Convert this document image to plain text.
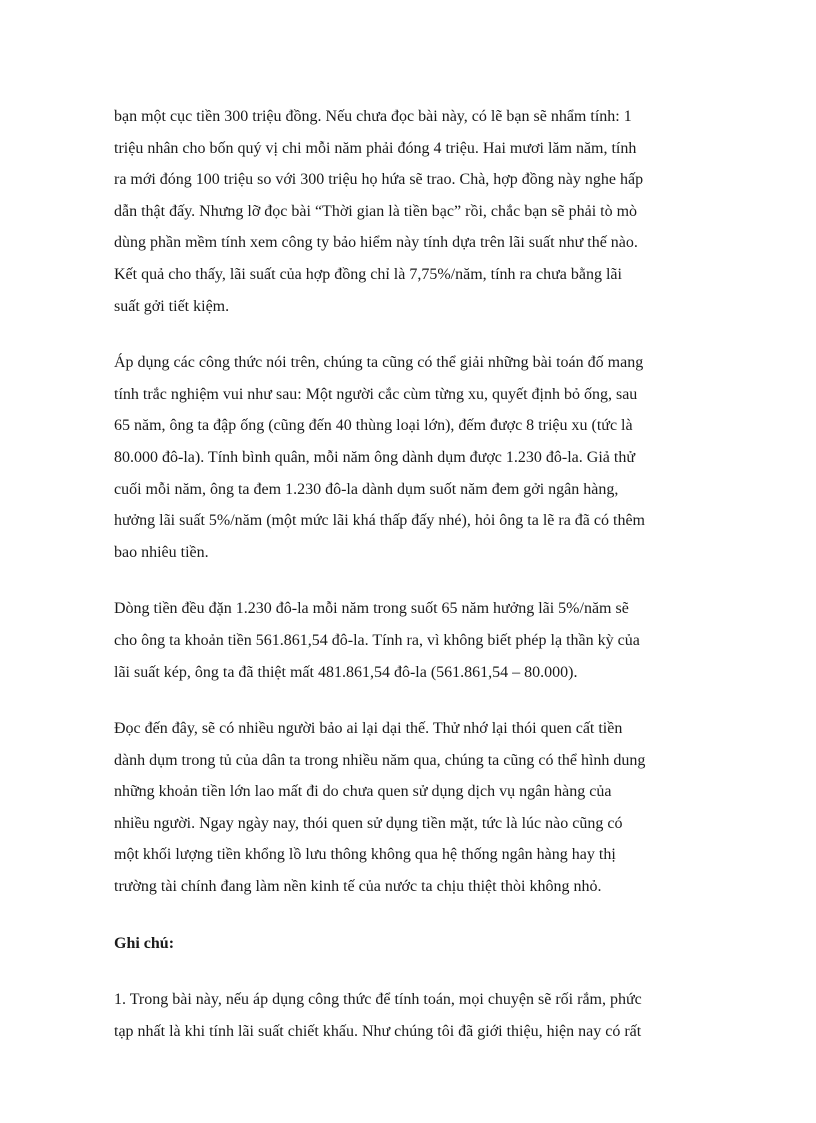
bạn một cục tiền 300 triệu đồng. Nếu chưa đọc bài này, có lẽ bạn sẽ nhẩm tính: 1
triệu nhân cho bốn quý vị chi mỗi năm phải đóng 4 triệu. Hai mươi lăm năm, tính
ra mới đóng 100 triệu so với 300 triệu họ hứa sẽ trao. Chà, hợp đồng này nghe hấp
dẫn thật đấy. Nhưng lỡ đọc bài “Thời gian là tiền bạc” rồi, chắc bạn sẽ phải tò mò
dùng phần mềm tính xem công ty bảo hiểm này tính dựa trên lãi suất như thế nào.
Kết quả cho thấy, lãi suất của hợp đồng chỉ là 7,75%/năm, tính ra chưa bằng lãi
suất gởi tiết kiệm.

Áp dụng các công thức nói trên, chúng ta cũng có thể giải những bài toán đố mang
tính trắc nghiệm vui như sau: Một người cắc cùm từng xu, quyết định bỏ ống, sau
65 năm, ông ta đập ống (cũng đến 40 thùng loại lớn), đếm được 8 triệu xu (tức là
80.000 đô-la). Tính bình quân, mỗi năm ông dành dụm được 1.230 đô-la. Giả thử
cuối mỗi năm, ông ta đem 1.230 đô-la dành dụm suốt năm đem gởi ngân hàng,
hưởng lãi suất 5%/năm (một mức lãi khá thấp đấy nhé), hỏi ông ta lẽ ra đã có thêm
bao nhiêu tiền.

Dòng tiền đều đặn 1.230 đô-la mỗi năm trong suốt 65 năm hưởng lãi 5%/năm sẽ
cho ông ta khoản tiền 561.861,54 đô-la. Tính ra, vì không biết phép lạ thần kỳ của
lãi suất kép, ông ta đã thiệt mất 481.861,54 đô-la (561.861,54 – 80.000).

Đọc đến đây, sẽ có nhiều người bảo ai lại dại thế. Thử nhớ lại thói quen cất tiền
dành dụm trong tủ của dân ta trong nhiều năm qua, chúng ta cũng có thể hình dung
những khoản tiền lớn lao mất đi do chưa quen sử dụng dịch vụ ngân hàng của
nhiều người. Ngay ngày nay, thói quen sử dụng tiền mặt, tức là lúc nào cũng có
một khối lượng tiền khổng lồ lưu thông không qua hệ thống ngân hàng hay thị
trường tài chính đang làm nền kinh tế của nước ta chịu thiệt thòi không nhỏ.

Ghi chú:

1. Trong bài này, nếu áp dụng công thức để tính toán, mọi chuyện sẽ rối rắm, phức
tạp nhất là khi tính lãi suất chiết khấu. Như chúng tôi đã giới thiệu, hiện nay có rất
